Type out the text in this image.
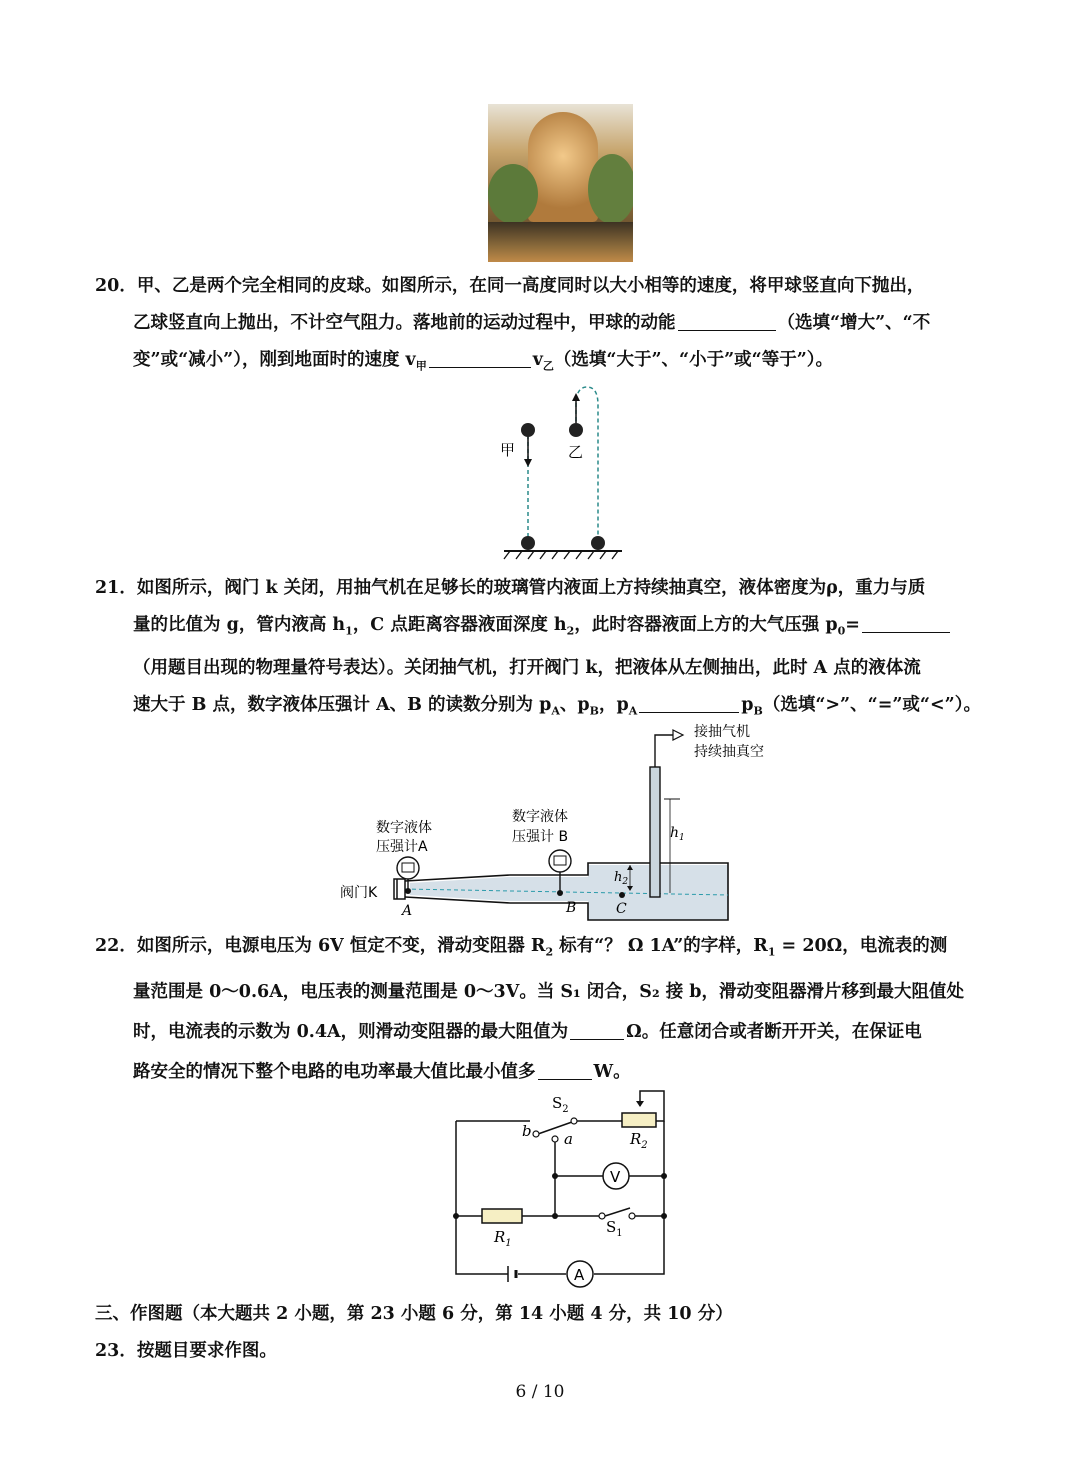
20．甲、乙是两个完全相同的皮球。如图所示，在同一高度同时以大小相等的速度，将甲球竖直向下抛出，

乙球竖直向上抛出，不计空气阻力。落地前的运动过程中，甲球的动能	（选填“增大”、“不

变”或“减小”），刚到地面时的速度 $v_甲$	$v_乙$（选填“大于”、“小于”或“等于”）。

甲	乙

21．如图所示，阀门 k 关闭，用抽气机在足够长的玻璃管内液面上方持续抽真空，液体密度为ρ，重力与质

量的比值为 g，管内液高 $h_1$，C 点距离容器液面深度 $h_2$，此时容器液面上方的大气压强 $p_0=$

（用题目出现的物理量符号表达）。关闭抽气机，打开阀门 k，把液体从左侧抽出，此时 A 点的液体流

速大于 B 点，数字液体压强计 A、B 的读数分别为 $p_A$、$p_B$，$p_A$	$p_B$（选填“>”、“=”或“<”）。

$h_1$
$h_2$
C
阀门K
A
数字液体
压强计A
B
数字液体
压强计 B
接抽气机
持续抽真空

22．如图所示，电源电压为 6V 恒定不变，滑动变阻器 $R_2$ 标有“？ Ω 1A”的字样，$R_1 = 20\Omega$，电流表的测

量范围是 0～0.6A，电压表的测量范围是 0～3V。当 S₁ 闭合，S₂ 接 b，滑动变阻器滑片移到最大阻值处

时，电流表的示数为 0.4A，则滑动变阻器的最大阻值为	Ω。任意闭合或者断开开关，在保证电

路安全的情况下整个电路的电功率最大值比最小值多	W。

A
V
$S_2$
b a	$R_2$
$R_1$
$S_1$

三、作图题（本大题共 2 小题，第 23 小题 6 分，第 14 小题 4 分，共 10 分）

23．按题目要求作图。

6 / 10
